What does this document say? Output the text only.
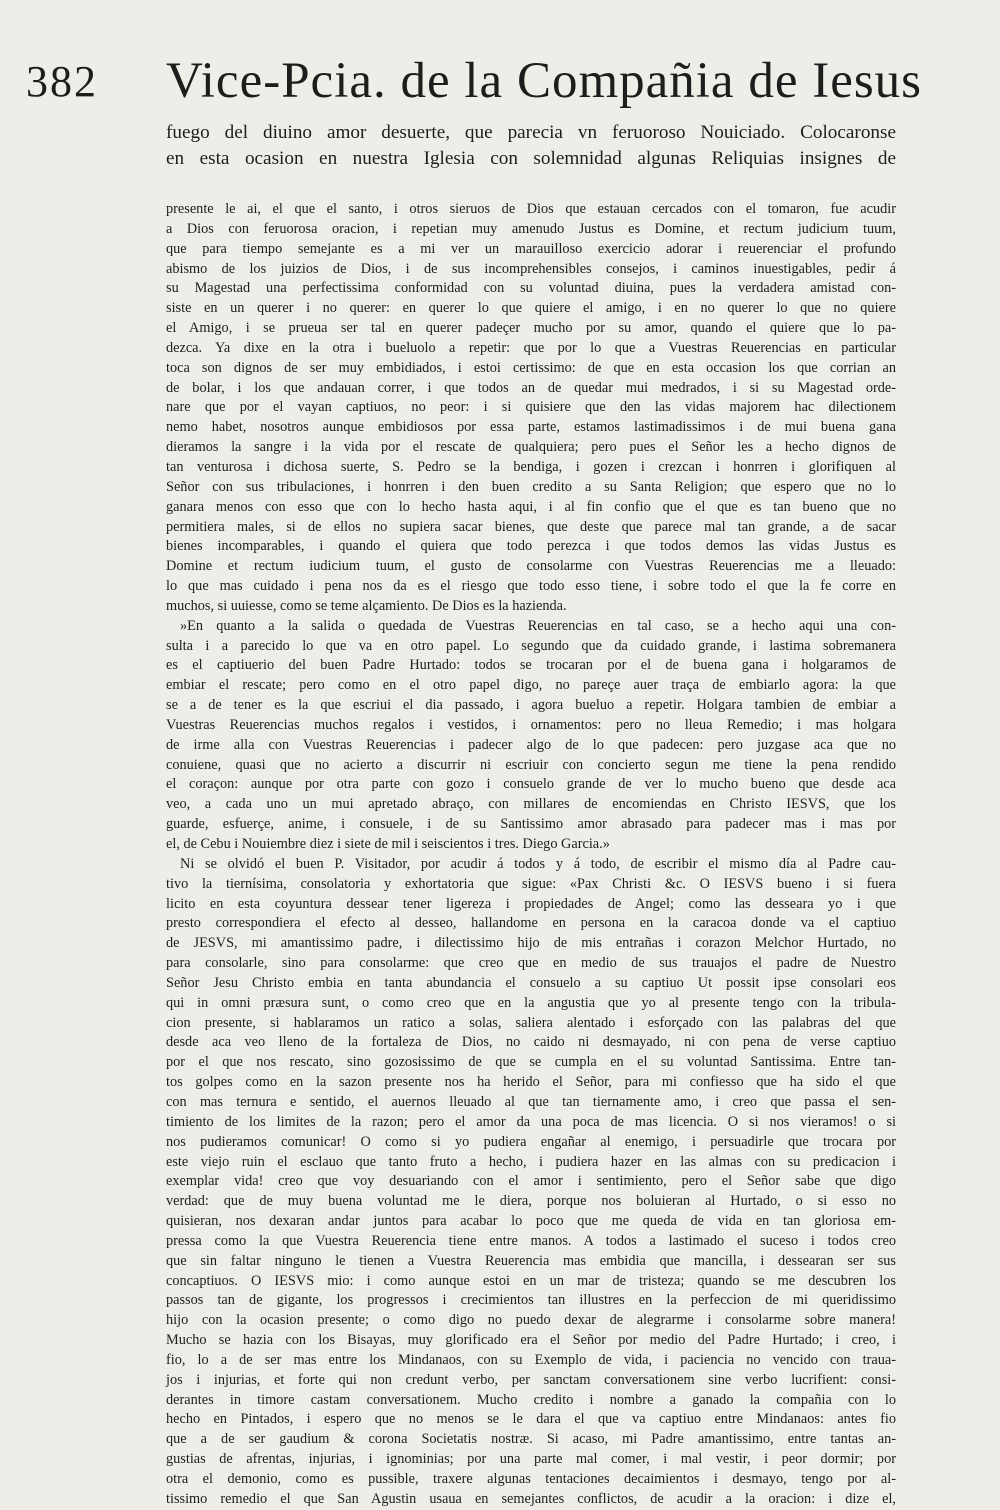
382 Vice-Pcia. de la Compañia de Iesus
fuego del diuino amor desuerte, que parecia vn feruoroso Nouiciado. Colocaronse
en esta ocasion en nuestra Iglesia con solemnidad algunas Reliquias insignes de
presente le ai, el que el santo, i otros sieruos de Dios que estauan cercados con el tomaron, fue acudir
a Dios con feruorosa oracion, i repetian muy amenudo Justus es Domine, et rectum judicium tuum,
que para tiempo semejante es a mi ver un marauilloso exercicio adorar i reuerenciar el profundo
abismo de los juizios de Dios, i de sus incomprehensibles consejos, i caminos inuestigables, pedir á
su Magestad una perfectissima conformidad con su voluntad diuina, pues la verdadera amistad con-
siste en un querer i no querer: en querer lo que quiere el amigo, i en no querer lo que no quiere
el Amigo, i se prueua ser tal en querer padeçer mucho por su amor, quando el quiere que lo pa-
dezca. Ya dixe en la otra i bueluolo a repetir: que por lo que a Vuestras Reuerencias en particular
toca son dignos de ser muy embidiados, i estoi certissimo: de que en esta occasion los que corrian an
de bolar, i los que andauan correr, i que todos an de quedar mui medrados, i si su Magestad orde-
nare que por el vayan captiuos, no peor: i si quisiere que den las vidas majorem hac dilectionem
nemo habet, nosotros aunque embidiosos por essa parte, estamos lastimadissimos i de mui buena gana
dieramos la sangre i la vida por el rescate de qualquiera; pero pues el Señor les a hecho dignos de
tan venturosa i dichosa suerte, S. Pedro se la bendiga, i gozen i crezcan i honrren i glorifiquen al
Señor con sus tribulaciones, i honrren i den buen credito a su Santa Religion; que espero que no lo
ganara menos con esso que con lo hecho hasta aqui, i al fin confio que el que es tan bueno que no
permitiera males, si de ellos no supiera sacar bienes, que deste que parece mal tan grande, a de sacar
bienes incomparables, i quando el quiera que todo perezca i que todos demos las vidas Justus es
Domine et rectum iudicium tuum, el gusto de consolarme con Vuestras Reuerencias me a lleuado:
lo que mas cuidado i pena nos da es el riesgo que todo esso tiene, i sobre todo el que la fe corre en
muchos, si uuiesse, como se teme alçamiento. De Dios es la hazienda.
»En quanto a la salida o quedada de Vuestras Reuerencias en tal caso, se a hecho aqui una con-
sulta i a parecido lo que va en otro papel. Lo segundo que da cuidado grande, i lastima sobremanera
es el captiuerio del buen Padre Hurtado: todos se trocaran por el de buena gana i holgaramos de
embiar el rescate; pero como en el otro papel digo, no pareçe auer traça de embiarlo agora: la que
se a de tener es la que escriui el dia passado, i agora bueluo a repetir. Holgara tambien de embiar a
Vuestras Reuerencias muchos regalos i vestidos, i ornamentos: pero no lleua Remedio; i mas holgara
de irme alla con Vuestras Reuerencias i padecer algo de lo que padecen: pero juzgase aca que no
conuiene, quasi que no acierto a discurrir ni escriuir con concierto segun me tiene la pena rendido
el coraçon: aunque por otra parte con gozo i consuelo grande de ver lo mucho bueno que desde aca
veo, a cada uno un mui apretado abraço, con millares de encomiendas en Christo IESVS, que los
guarde, esfuerçe, anime, i consuele, i de su Santissimo amor abrasado para padecer mas i mas por
el, de Cebu i Nouiembre diez i siete de mil i seiscientos i tres. Diego Garcia.»
Ni se olvidó el buen P. Visitador, por acudir á todos y á todo, de escribir el mismo día al Padre cau-
tivo la tiernísima, consolatoria y exhortatoria que sigue: «Pax Christi &c. O IESVS bueno i si fuera
licito en esta coyuntura dessear tener ligereza i propiedades de Angel; como las desseara yo i que
presto correspondiera el efecto al desseo, hallandome en persona en la caracoa donde va el captiuo
de JESVS, mi amantissimo padre, i dilectissimo hijo de mis entrañas i corazon Melchor Hurtado, no
para consolarle, sino para consolarme: que creo que en medio de sus trauajos el padre de Nuestro
Señor Jesu Christo embia en tanta abundancia el consuelo a su captiuo Ut possit ipse consolari eos
qui in omni præsura sunt, o como creo que en la angustia que yo al presente tengo con la tribula-
cion presente, si hablaramos un ratico a solas, saliera alentado i esforçado con las palabras del que
desde aca veo lleno de la fortaleza de Dios, no caido ni desmayado, ni con pena de verse captiuo
por el que nos rescato, sino gozosissimo de que se cumpla en el su voluntad Santissima. Entre tan-
tos golpes como en la sazon presente nos ha herido el Señor, para mi confiesso que ha sido el que
con mas ternura e sentido, el auernos lleuado al que tan tiernamente amo, i creo que passa el sen-
timiento de los limites de la razon; pero el amor da una poca de mas licencia. O si nos vieramos! o si
nos pudieramos comunicar! O como si yo pudiera engañar al enemigo, i persuadirle que trocara por
este viejo ruin el esclauo que tanto fruto a hecho, i pudiera hazer en las almas con su predicacion i
exemplar vida! creo que voy desuariando con el amor i sentimiento, pero el Señor sabe que digo
verdad: que de muy buena voluntad me le diera, porque nos boluieran al Hurtado, o si esso no
quisieran, nos dexaran andar juntos para acabar lo poco que me queda de vida en tan gloriosa em-
pressa como la que Vuestra Reuerencia tiene entre manos. A todos a lastimado el suceso i todos creo
que sin faltar ninguno le tienen a Vuestra Reuerencia mas embidia que mancilla, i dessearan ser sus
concaptiuos. O IESVS mio: i como aunque estoi en un mar de tristeza; quando se me descubren los
passos tan de gigante, los progressos i crecimientos tan illustres en la perfeccion de mi queridissimo
hijo con la ocasion presente; o como digo no puedo dexar de alegrarme i consolarme sobre manera!
Mucho se hazia con los Bisayas, muy glorificado era el Señor por medio del Padre Hurtado; i creo, i
fio, lo a de ser mas entre los Mindanaos, con su Exemplo de vida, i paciencia no vencido con traua-
jos i injurias, et forte qui non credunt verbo, per sanctam conversationem sine verbo lucrifient: consi-
derantes in timore castam conversationem. Mucho credito i nombre a ganado la compañia con lo
hecho en Pintados, i espero que no menos se le dara el que va captiuo entre Mindanaos: antes fio
que a de ser gaudium & corona Societatis nostræ. Si acaso, mi Padre amantissimo, entre tantas an-
gustias de afrentas, injurias, i ignominias; por una parte mal comer, i mal vestir, i peor dormir; por
otra el demonio, como es pussible, traxere algunas tentaciones decaimientos i desmayo, tengo por al-
tissimo remedio el que San Agustin usaua en semejantes conflictos, de acudir a la oracion: i dize el,
